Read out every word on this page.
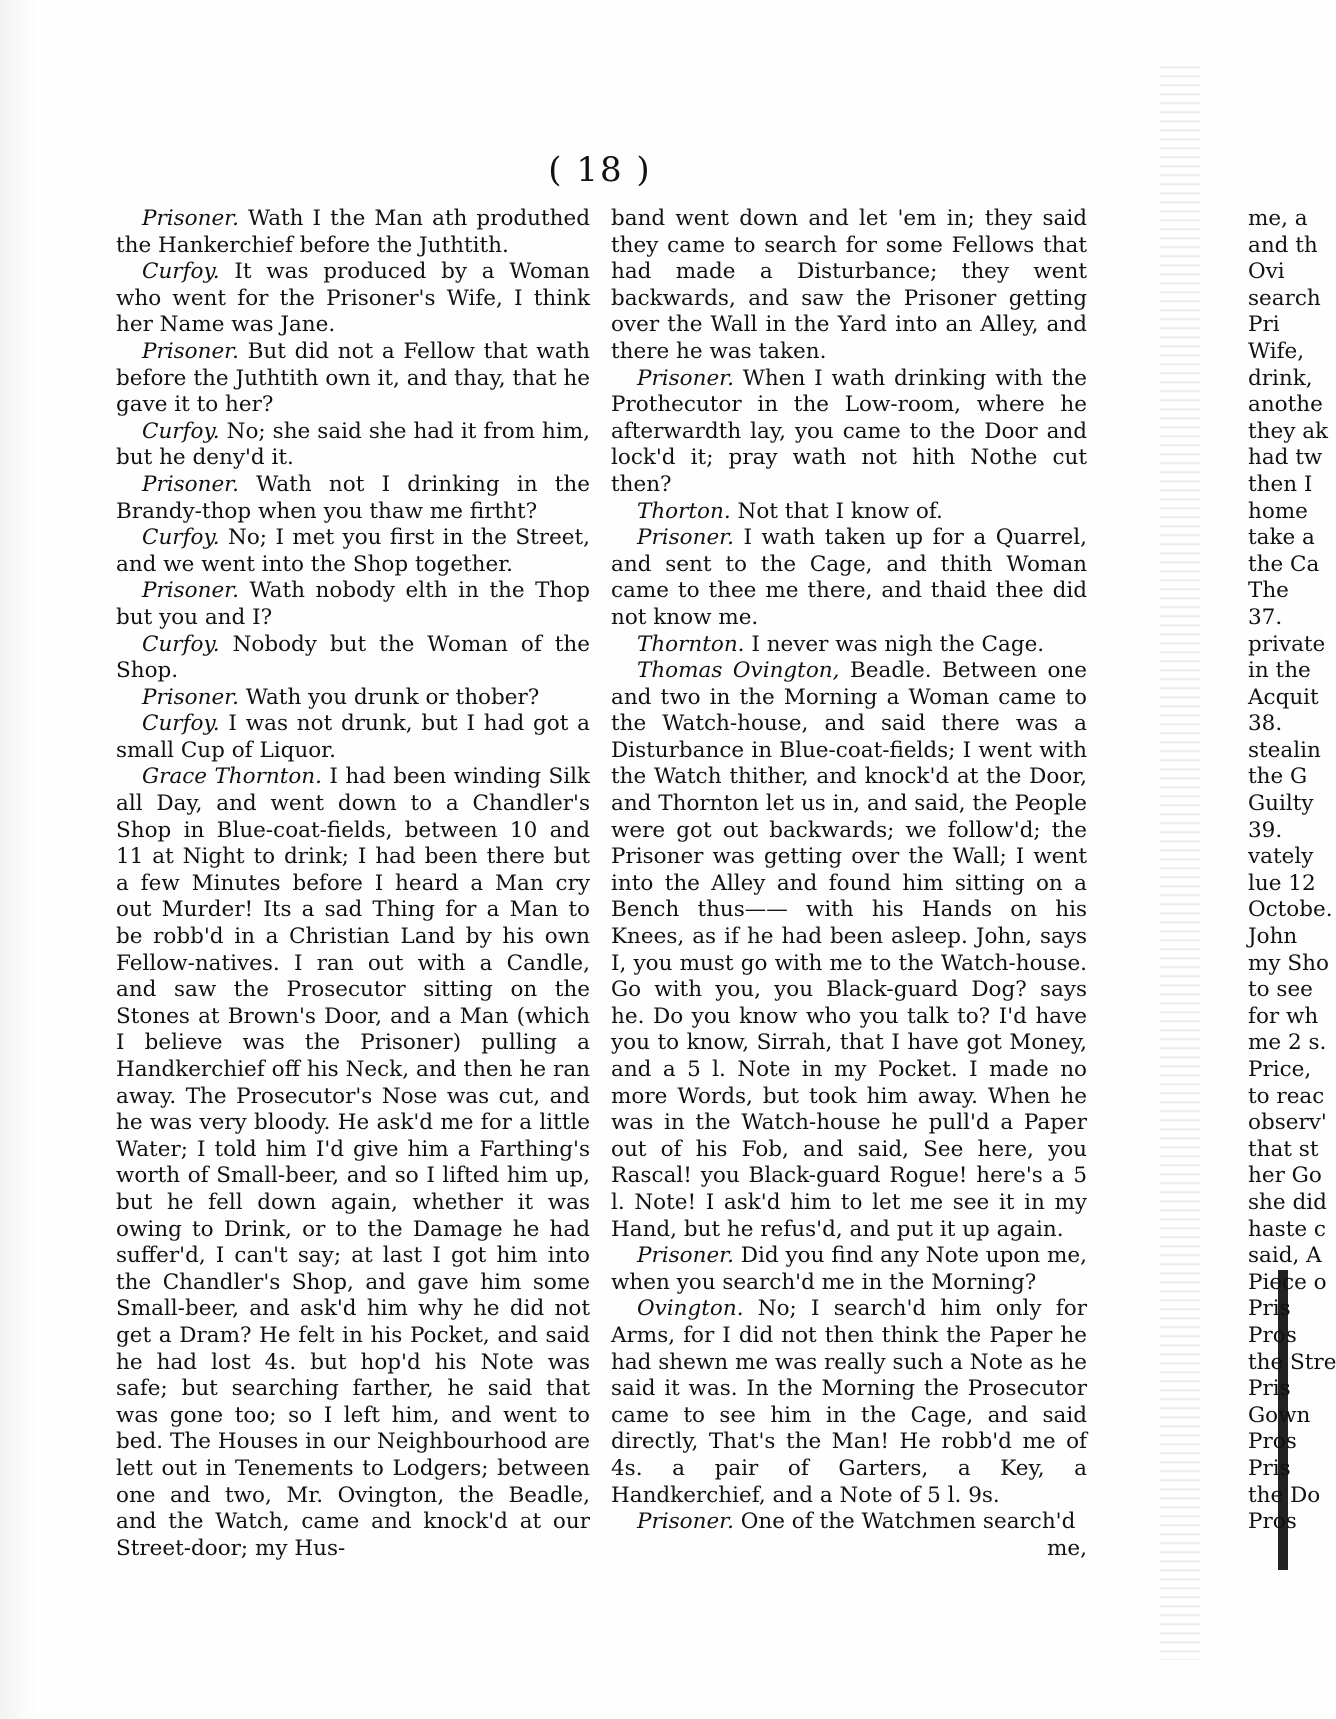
( 18 )

Prisoner. Wath I the Man ath produthed the Hankerchief before the Juthtith.

Curfoy. It was produced by a Woman who went for the Prisoner's Wife, I think her Name was Jane.

Prisoner. But did not a Fellow that wath before the Juthtith own it, and thay, that he gave it to her?

Curfoy. No; she said she had it from him, but he deny'd it.

Prisoner. Wath not I drinking in the Brandy-thop when you thaw me firtht?

Curfoy. No; I met you first in the Street, and we went into the Shop together.

Prisoner. Wath nobody elth in the Thop but you and I?

Curfoy. Nobody but the Woman of the Shop.

Prisoner. Wath you drunk or thober?

Curfoy. I was not drunk, but I had got a small Cup of Liquor.

Grace Thornton. I had been winding Silk all Day, and went down to a Chandler's Shop in Blue-coat-fields, between 10 and 11 at Night to drink; I had been there but a few Minutes before I heard a Man cry out Murder! Its a sad Thing for a Man to be robb'd in a Christian Land by his own Fellow-natives. I ran out with a Candle, and saw the Prosecutor sitting on the Stones at Brown's Door, and a Man (which I believe was the Prisoner) pulling a Handkerchief off his Neck, and then he ran away. The Prosecutor's Nose was cut, and he was very bloody. He ask'd me for a little Water; I told him I'd give him a Farthing's worth of Small-beer, and so I lifted him up, but he fell down again, whether it was owing to Drink, or to the Damage he had suffer'd, I can't say; at last I got him into the Chandler's Shop, and gave him some Small-beer, and ask'd him why he did not get a Dram? He felt in his Pocket, and said he had lost 4s. but hop'd his Note was safe; but searching farther, he said that was gone too; so I left him, and went to bed. The Houses in our Neighbourhood are lett out in Tenements to Lodgers; between one and two, Mr. Ovington, the Beadle, and the Watch, came and knock'd at our Street-door; my Hus-

band went down and let 'em in; they said they came to search for some Fellows that had made a Disturbance; they went backwards, and saw the Prisoner getting over the Wall in the Yard into an Alley, and there he was taken.

Prisoner. When I wath drinking with the Prothecutor in the Low-room, where he afterwardth lay, you came to the Door and lock'd it; pray wath not hith Nothe cut then?

Thorton. Not that I know of.

Prisoner. I wath taken up for a Quarrel, and sent to the Cage, and thith Woman came to thee me there, and thaid thee did not know me.

Thornton. I never was nigh the Cage.

Thomas Ovington, Beadle. Between one and two in the Morning a Woman came to the Watch-house, and said there was a Disturbance in Blue-coat-fields; I went with the Watch thither, and knock'd at the Door, and Thornton let us in, and said, the People were got out backwards; we follow'd; the Prisoner was getting over the Wall; I went into the Alley and found him sitting on a Bench thus—— with his Hands on his Knees, as if he had been asleep. John, says I, you must go with me to the Watch-house. Go with you, you Black-guard Dog? says he. Do you know who you talk to? I'd have you to know, Sirrah, that I have got Money, and a 5 l. Note in my Pocket. I made no more Words, but took him away. When he was in the Watch-house he pull'd a Paper out of his Fob, and said, See here, you Rascal! you Black-guard Rogue! here's a 5 l. Note! I ask'd him to let me see it in my Hand, but he refus'd, and put it up again.

Prisoner. Did you find any Note upon me, when you search'd me in the Morning?

Ovington. No; I search'd him only for Arms, for I did not then think the Paper he had shewn me was really such a Note as he said it was. In the Morning the Prosecutor came to see him in the Cage, and said directly, That's the Man! He robb'd me of 4s. a pair of Garters, a Key, a Handkerchief, and a Note of 5 l. 9s.

Prisoner. One of the Watchmen search'd

me,

me, a
and th
Ovi
search
Pri
Wife,
drink,
anothe
they ak
had tw
then I
home
take a
the Ca
The
37.
private
in the
Acquit
38.
stealin
the G
Guilty
39.
vately
lue 12
Octobe.
John
my Sho
to see
for wh
me 2 s.
Price,
to reac
observ'
that st
her Go
she did
haste c
said, A
Piece o
Pris
Pros
the Stre
Pris
Gown
Pros
Pris
the Do
Pros
